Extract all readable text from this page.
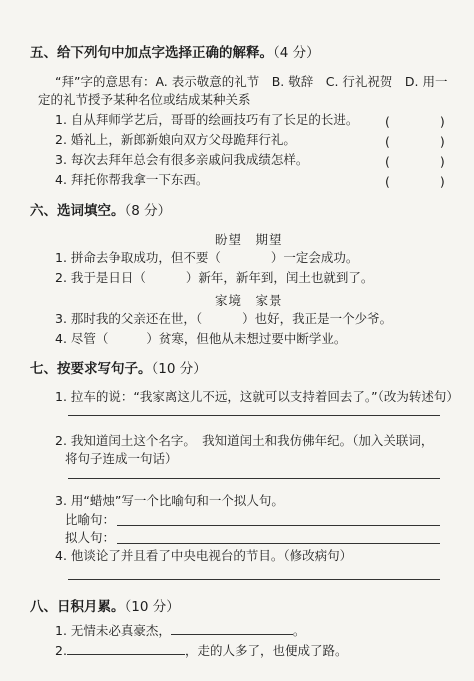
五、给下列句中加点字选择正确的解释。（4 分）
“拜”字的意思有：A. 表示敬意的礼节　B. 敬辞　C. 行礼祝贺　D. 用一
定的礼节授予某种名位或结成某种关系
1. 自从拜师学艺后，哥哥的绘画技巧有了长足的长进。 (　　　　)
2. 婚礼上，新郎新娘向双方父母跪拜行礼。	(　　　　)
3. 每次去拜年总会有很多亲戚问我成绩怎样。	(　　　　)
4. 拜托你帮我拿一下东西。	(　　　　)
六、选词填空。（8 分）
盼望　期望
1. 拼命去争取成功，但不要（	）一定会成功。
2. 我于是日日（	）新年，新年到，闰土也就到了。
家境　家景
3. 那时我的父亲还在世，（	）也好，我正是一个少爷。
4. 尽管（	）贫寒，但他从未想过要中断学业。
七、按要求写句子。（10 分）
1. 拉车的说：“我家离这儿不远，这就可以支持着回去了。”（改为转述句）
2. 我知道闰土这个名字。　我知道闰土和我仿佛年纪。（加入关联词，
将句子连成一句话）
3. 用“蜡烛”写一个比喻句和一个拟人句。
比喻句：
拟人句：
4. 他谈论了并且看了中央电视台的节目。（修改病句）
八、日积月累。（10 分）
1. 无情未必真豪杰，	。
2.	，走的人多了，也便成了路。
